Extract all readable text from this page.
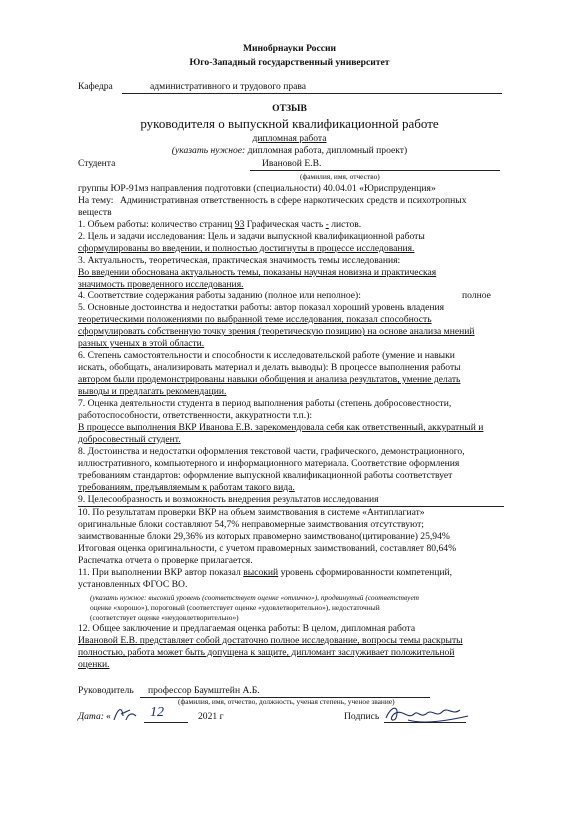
Минобрнауки России
Юго-Западный государственный университет
Кафедра	административного и трудового права
ОТЗЫВ
руководителя о выпускной квалификационной работе
дипломная работа
(указать нужное: дипломная работа, дипломный проект)
Студента	Ивановой Е.В.
(фамилия, имя, отчество)
группы ЮР-91мз направления подготовки (специальности) 40.04.01 «Юриспруденция»
На тему: Административная ответственность в сфере наркотических средств и психотропных
веществ
1. Объем работы: количество страниц 93 Графическая часть - листов.
2. Цель и задачи исследования: Цель и задачи выпускной квалификационной работы
сформулированы во введении, и полностью достигнуты в процессе исследования.
3. Актуальность, теоретическая, практическая значимость темы исследования:
Во введении обоснована актуальность темы, показаны научная новизна и практическая
значимость проведенного исследования.
4. Соответствие содержания работы заданию (полное или неполное):	полное
5. Основные достоинства и недостатки работы: автор показал хороший уровень владения
теоретическими положениями по выбранной теме исследования, показал способность
сформулировать собственную точку зрения (теоретическую позицию) на основе анализа мнений
разных ученых в этой области.
6. Степень самостоятельности и способности к исследовательской работе (умение и навыки
искать, обобщать, анализировать материал и делать выводы): В процессе выполнения работы
автором были продемонстрированы навыки обобщения и анализа результатов, умение делать
выводы и предлагать рекомендации.
7. Оценка деятельности студента в период выполнения работы (степень добросовестности,
работоспособности, ответственности, аккуратности т.п.):
В процессе выполнения ВКР Иванова Е.В. зарекомендовала себя как ответственный, аккуратный и
добросовестный студент.
8. Достоинства и недостатки оформления текстовой части, графического, демонстрационного,
иллюстративного, компьютерного и информационного материала. Соответствие оформления
требованиям стандартов: оформление выпускной квалификационной работы соответствует
требованиям, предъявляемым к работам такого вида.
9. Целесообразность и возможность внедрения результатов исследования
10. По результатам проверки ВКР на объем заимствования в системе «Антиплагиат»
оригинальные блоки составляют 54,7% неправомерные заимствования отсутствуют;
заимствованные блоки 29,36% из которых правомерно заимствовано(цитирование) 25,94%
Итоговая оценка оригинальности, с учетом правомерных заимствований, составляет 80,64%
Распечатка отчета о проверке прилагается.
11. При выполнении ВКР автор показал высокий уровень сформированности компетенций,
установленных ФГОС ВО.
(указать нужное: высокий уровень (соответствует оценке «отлично»), продвинутый (соответствует
оценке «хорошо»), пороговый (соответствует оценке «удовлетворительно»), недостаточный
(соответствует оценке «неудовлетворительно»)
12. Общее заключение и предлагаемая оценка работы: В целом, дипломная работа
Ивановой Е.В. представляет собой достаточно полное исследование, вопросы темы раскрыты
полностью, работа может быть допущена к защите, дипломант заслуживает положительной
оценки.
Руководитель профессор Баумштейн А.Б.
(фамилия, имя, отчество, должность, ученая степень, ученое звание)
Дата: «	12	2021 г	Подпись
